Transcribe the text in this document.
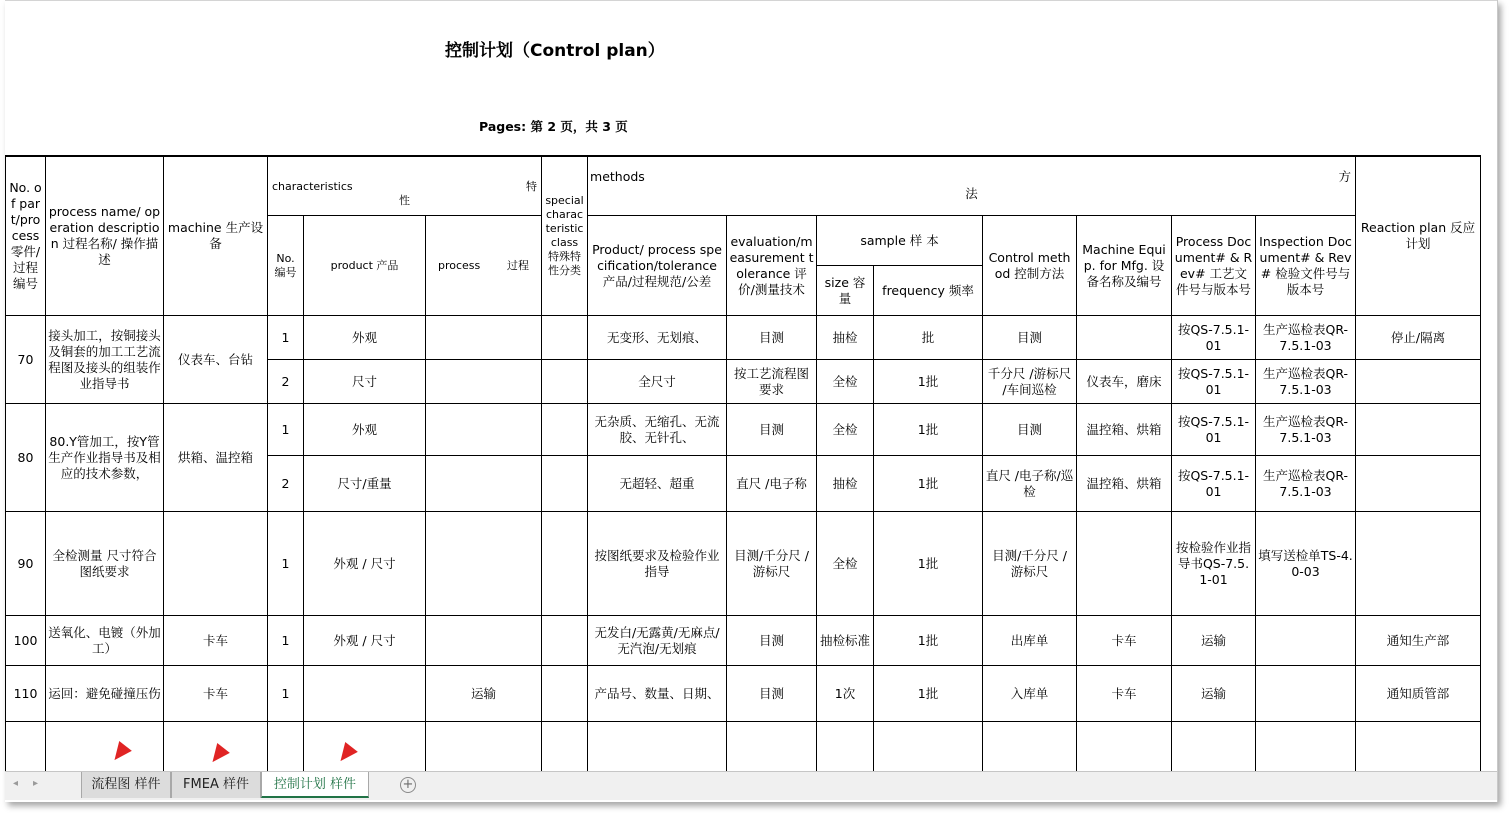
控制计划（Control plan）
Pages: 第 2 页，共 3 页
No. of part/process 零件/过程编号	process name/ operation description 过程名称/ 操作描述	machine 生产设备	characteristics 特
性			special characteristic class 特殊特性分类	methods 方
法								Reaction plan 反应计划
			No. 编号	product 产品	process 过程		Product/ process specification/tolerance 产品/过程规范/公差	evaluation/measurement tolerance 评价/测量技术	sample 样 本		Control method 控制方法	Machine Equip. for Mfg. 设备名称及编号	Process Document# & Rev# 工艺文件号与版本号	Inspection Document# & Rev# 检验文件号与版本号	
									size 容 量	frequency 频率					
70	接头加工，按铜接头及铜套的加工工艺流程图及接头的组装作业指导书	仪表车、台钻	1	外观			无变形、无划痕、	目测	抽检	批	目测		按QS-7.5.1-01	生产巡检表QR-7.5.1-03	停止/隔离
			2	尺寸			全尺寸	按工艺流程图要求	全检	1批	千分尺 /游标尺 /车间巡检	仪表车，磨床	按QS-7.5.1-01	生产巡检表QR-7.5.1-03	
80	80.Y管加工，按Y管生产作业指导书及相应的技术参数，	烘箱、温控箱	1	外观			无杂质、无缩孔、无流胶、无针孔、	目测	全检	1批	目测	温控箱、烘箱	按QS-7.5.1-01	生产巡检表QR-7.5.1-03	
			2	尺寸/重量			无超轻、超重	直尺 /电子称	抽检	1批	直尺 /电子称/巡检	温控箱、烘箱	按QS-7.5.1-01	生产巡检表QR-7.5.1-03	
90	全检测量 尺寸符合图纸要求		1	外观 / 尺寸			按图纸要求及检验作业指导	目测/千分尺 /游标尺	全检	1批	目测/千分尺 / 游标尺		按检验作业指导书QS-7.5.1-01	填写送检单TS-4.0-03	
100	送氧化、电镀（外加工）	卡车	1	外观 / 尺寸			无发白/无露黄/无麻点/无汽泡/无划痕	目测	抽检标准	1批	出库单	卡车	运输		通知生产部
110	运回：避免碰撞压伤	卡车	1		运输		产品号、数量、日期、	目测	1次	1批	入库单	卡车	运输		通知质管部

◂ ▸	流程图 样件	FMEA 样件	控制计划 样件	+
